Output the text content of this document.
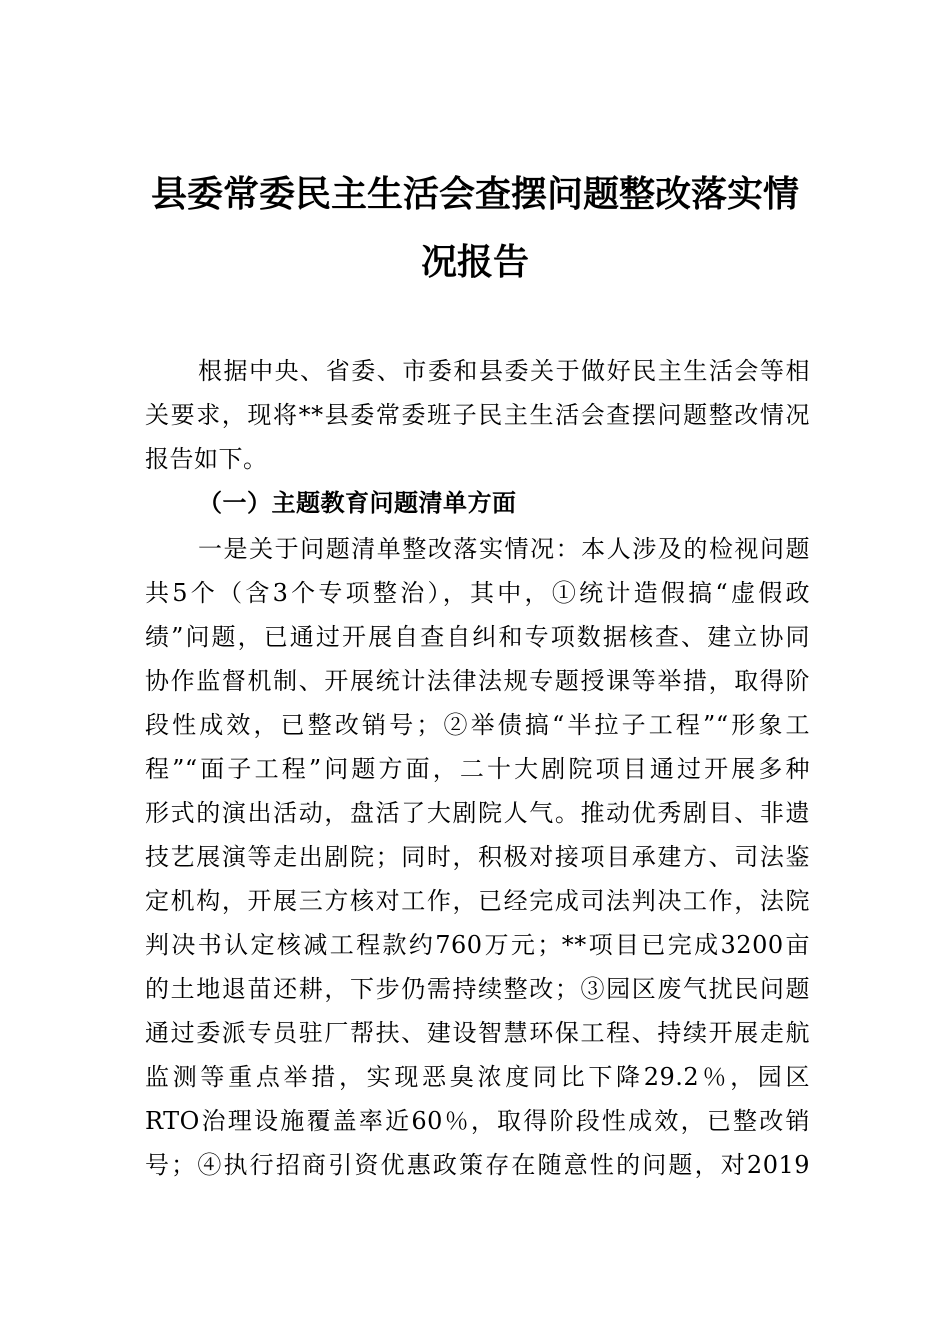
县委常委民主生活会查摆问题整改落实情
况报告
根据中央、省委、市委和县委关于做好民主生活会等相
关要求，现将**县委常委班子民主生活会查摆问题整改情况
报告如下。
（一）主题教育问题清单方面
一是关于问题清单整改落实情况：本人涉及的检视问题
共5个（含3个专项整治），其中，①统计造假搞“虚假政
绩”问题，已通过开展自查自纠和专项数据核查、建立协同
协作监督机制、开展统计法律法规专题授课等举措，取得阶
段性成效，已整改销号；②举债搞“半拉子工程”“形象工
程”“面子工程”问题方面，二十大剧院项目通过开展多种
形式的演出活动，盘活了大剧院人气。推动优秀剧目、非遗
技艺展演等走出剧院；同时，积极对接项目承建方、司法鉴
定机构，开展三方核对工作，已经完成司法判决工作，法院
判决书认定核减工程款约760万元；**项目已完成3200亩
的土地退苗还耕，下步仍需持续整改；③园区废气扰民问题
通过委派专员驻厂帮扶、建设智慧环保工程、持续开展走航
监测等重点举措，实现恶臭浓度同比下降29.2％，园区
RTO治理设施覆盖率近60％，取得阶段性成效，已整改销
号；④执行招商引资优惠政策存在随意性的问题，对2019
